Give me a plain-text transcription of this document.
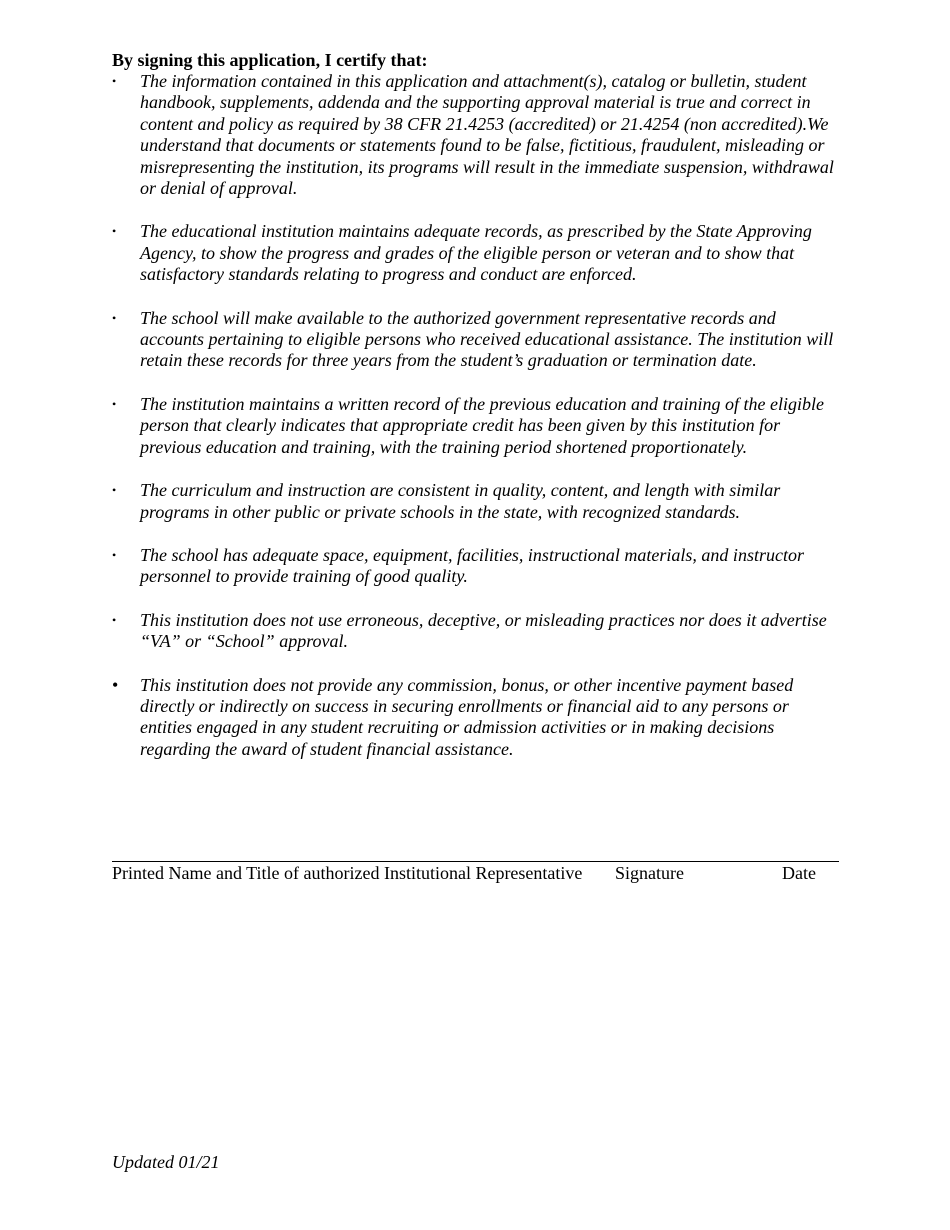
By signing this application, I certify that:
• The information contained in this application and attachment(s), catalog or bulletin, student handbook, supplements, addenda and the supporting approval material is true and correct in content and policy as required by 38 CFR 21.4253 (accredited) or 21.4254 (non accredited).We understand that documents or statements found to be false, fictitious, fraudulent, misleading or misrepresenting the institution, its programs will result in the immediate suspension, withdrawal or denial of approval.
• The educational institution maintains adequate records, as prescribed by the State Approving Agency, to show the progress and grades of the eligible person or veteran and to show that satisfactory standards relating to progress and conduct are enforced.
• The school will make available to the authorized government representative records and accounts pertaining to eligible persons who received educational assistance. The institution will retain these records for three years from the student’s graduation or termination date.
• The institution maintains a written record of the previous education and training of the eligible person that clearly indicates that appropriate credit has been given by this institution for previous education and training, with the training period shortened proportionately.
• The curriculum and instruction are consistent in quality, content, and length with similar programs in other public or private schools in the state, with recognized standards.
• The school has adequate space, equipment, facilities, instructional materials, and instructor personnel to provide training of good quality.
• This institution does not use erroneous, deceptive, or misleading practices nor does it advertise “VA” or “School” approval.
• This institution does not provide any commission, bonus, or other incentive payment based directly or indirectly on success in securing enrollments or financial aid to any persons or entities engaged in any student recruiting or admission activities or in making decisions regarding the award of student financial assistance.
Printed Name and Title of authorized Institutional Representative Signature	Date
Updated 01/21
